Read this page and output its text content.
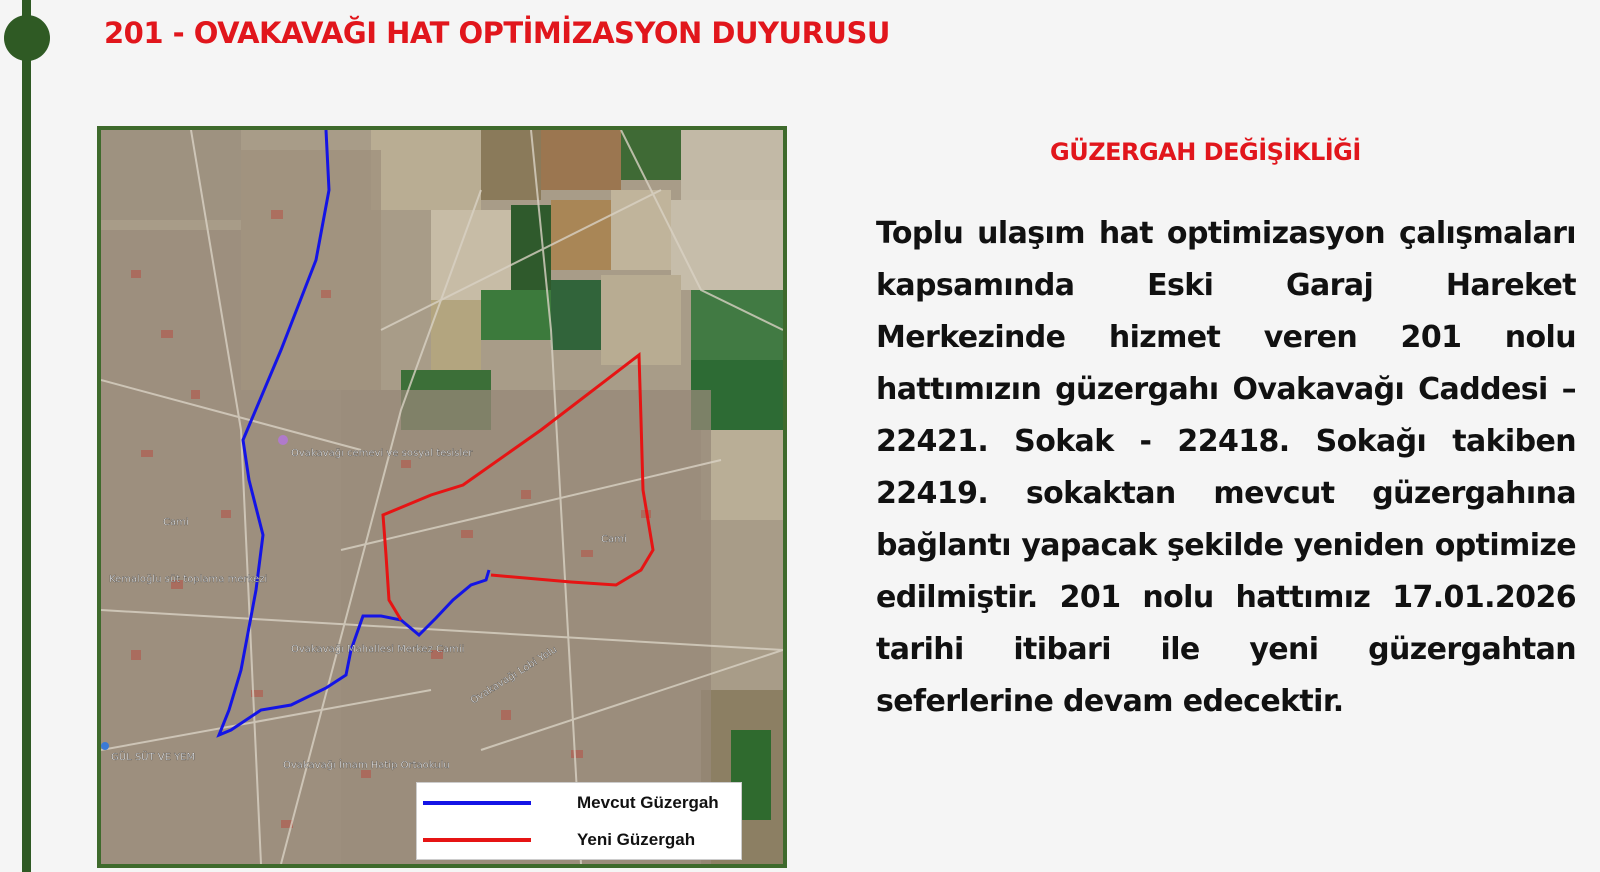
201 - OVAKAVAĞI HAT OPTİMİZASYON DUYURUSU
Ovakavağı cemevi ve sosyal tesisler
Cami
Cami
Kemaloğlu süt toplama merkezi
Ovakavağı Mahallesi Merkez Camii Ovakavağı Lobi Yolu
GÜL SÜT VE YEM
Ovakavağı İmam Hatip Ortaokulu
Mevcut Güzergah
Yeni Güzergah
GÜZERGAH DEĞİŞİKLİĞİ

Toplu ulaşım hat optimizasyon çalışmaları kapsamında Eski Garaj Hareket Merkezinde hizmet veren 201 nolu hattımızın güzergahı Ovakavağı Caddesi – 22421. Sokak - 22418. Sokağı takiben 22419. sokaktan mevcut güzergahına bağlantı yapacak şekilde yeniden optimize edilmiştir. 201 nolu hattımız 17.01.2026 tarihi itibari ile yeni güzergahtan seferlerine devam edecektir.
